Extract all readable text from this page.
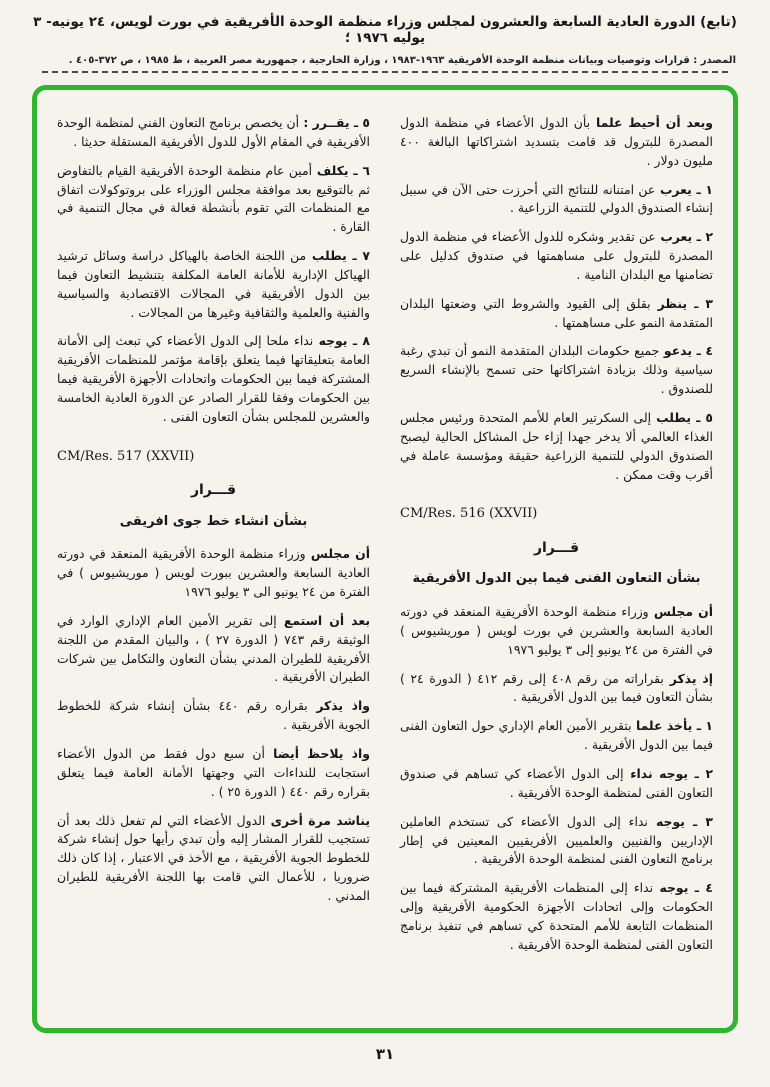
(تابع) الدورة العادية السابعة والعشرون لمجلس وزراء منظمة الوحدة الأفريقية في بورت لويس، ٢٤ يونيه- ٣ يوليه ١٩٧٦ ؛
المصدر : قرارات وتوصيات وبيانات منظمة الوحدة الأفريقية ١٩٦٣-١٩٨٣ ، وزارة الخارجية ، جمهورية مصر العربية ، ط ١٩٨٥ ، ص ٣٧٢-٤٠٥ .
وبعد أن أحيط علما بأن الدول الأعضاء في منظمة الدول المصدرة للبترول قد قامت بتسديد اشتراكاتها البالغة ٤٠٠ مليون دولار .
١ ـ يعرب عن امتنانه للنتائج التي أحرزت حتى الآن في سبيل إنشاء الصندوق الدولي للتنمية الزراعية .
٢ ـ يعرب عن تقدير وشكره للدول الأعضاء في منظمة الدول المصدرة للبترول على مساهمتها في صندوق كدليل على تضامنها مع البلدان النامية .
٣ ـ ينظر بقلق إلى القيود والشروط التي وضعتها البلدان المتقدمة النمو على مساهمتها .
٤ ـ يدعو جميع حكومات البلدان المتقدمة النمو أن تبدي رغبة سياسية وذلك بزيادة اشتراكاتها حتى تسمح بالإنشاء السريع للصندوق .
٥ ـ يطلب إلى السكرتير العام للأمم المتحدة ورئيس مجلس الغذاء العالمي ألا يدخر جهدا إزاء حل المشاكل الحالية ليصبح الصندوق الدولي للتنمية الزراعية حقيقة ومؤسسة عاملة في أقرب وقت ممكن .
CM/Res. 516 (XXVII)
قـــرار
بشأن التعاون الفنى فيما بين الدول الأفريقية
أن مجلس وزراء منظمة الوحدة الأفريقية المنعقد في دورته العادية السابعة والعشرين في بورت لويس ( موريشيوس ) في الفترة من ٢٤ يونيو إلى ٣ يوليو ١٩٧٦
إذ يذكر بقراراته من رقم ٤٠٨ إلى رقم ٤١٢ ( الدورة ٢٤ ) بشأن التعاون فيما بين الدول الأفريقية .
١ ـ يأخذ علما بتقرير الأمين العام الإداري حول التعاون الفنى فيما بين الدول الأفريقية .
٢ ـ يوجه نداء إلى الدول الأعضاء كي تساهم في صندوق التعاون الفنى لمنظمة الوحدة الأفريقية .
٣ ـ يوجه نداء إلى الدول الأعضاء كى تستخدم العاملين الإداريين والفنيين والعلميين الأفريقيين المعينين في إطار برنامج التعاون الفنى لمنظمة الوحدة الأفريقية .
٤ ـ يوجه نداء إلى المنظمات الأفريقية المشتركة فيما بين الحكومات وإلى اتحادات الأجهزة الحكومية الأفريقية وإلى المنظمات التابعة للأمم المتحدة كي تساهم في تنفيذ برنامج التعاون الفنى لمنظمة الوحدة الأفريقية .
٥ ـ يقــرر : أن يخصص برنامج التعاون الفني لمنظمة الوحدة الأفريقية في المقام الأول للدول الأفريقية المستقلة حديثا .
٦ ـ يكلف أمين عام منظمة الوحدة الأفريقية القيام بالتفاوض ثم بالتوقيع بعد موافقة مجلس الوزراء على بروتوكولات اتفاق مع المنظمات التي تقوم بأنشطة فعالة في مجال التنمية في القارة .
٧ ـ يطلب من اللجنة الخاصة بالهياكل دراسة وسائل ترشيد الهياكل الإدارية للأمانة العامة المكلفة بتنشيط التعاون فيما بين الدول الأفريقية في المجالات الاقتصادية والسياسية والفنية والعلمية والثقافية وغيرها من المجالات .
٨ ـ يوجه نداء ملحا إلى الدول الأعضاء كي تبعث إلى الأمانة العامة بتعليقاتها فيما يتعلق بإقامة مؤتمر للمنظمات الأفريقية المشتركة فيما بين الحكومات واتحادات الأجهزة الأفريقية فيما بين الحكومات وفقا للقرار الصادر عن الدورة العادية الخامسة والعشرين للمجلس بشأن التعاون الفنى .
CM/Res. 517 (XXVII)
قـــرار
بشأن انشاء خط جوى افريقى
أن مجلس وزراء منظمة الوحدة الأفريقية المنعقد في دورته العادية السابعة والعشرين ببورت لويس ( موريشيوس ) في الفترة من ٢٤ يونيو الى ٣ يوليو ١٩٧٦
بعد أن استمع إلى تقرير الأمين العام الإداري الوارد في الوثيقة رقم ٧٤٣ ( الدورة ٢٧ ) ، والبيان المقدم من اللجنة الأفريقية للطيران المدني بشأن التعاون والتكامل بين شركات الطيران الأفريقية .
واذ يذكر بقراره رقم ٤٤٠ بشأن إنشاء شركة للخطوط الجوية الأفريقية .
واذ يلاحظ أيضا أن سبع دول فقط من الدول الأعضاء استجابت للنداءات التي وجهتها الأمانة العامة فيما يتعلق بقراره رقم ٤٤٠ ( الدورة ٢٥ ) .
يناشد مرة أخرى الدول الأعضاء التي لم تفعل ذلك بعد أن تستجيب للقرار المشار إليه وأن تبدي رأيها حول إنشاء شركة للخطوط الجوية الأفريقية ، مع الأخذ في الاعتبار ، إذا كان ذلك ضروريا ، للأعمال التي قامت بها اللجنة الأفريقية للطيران المدني .
٣١
